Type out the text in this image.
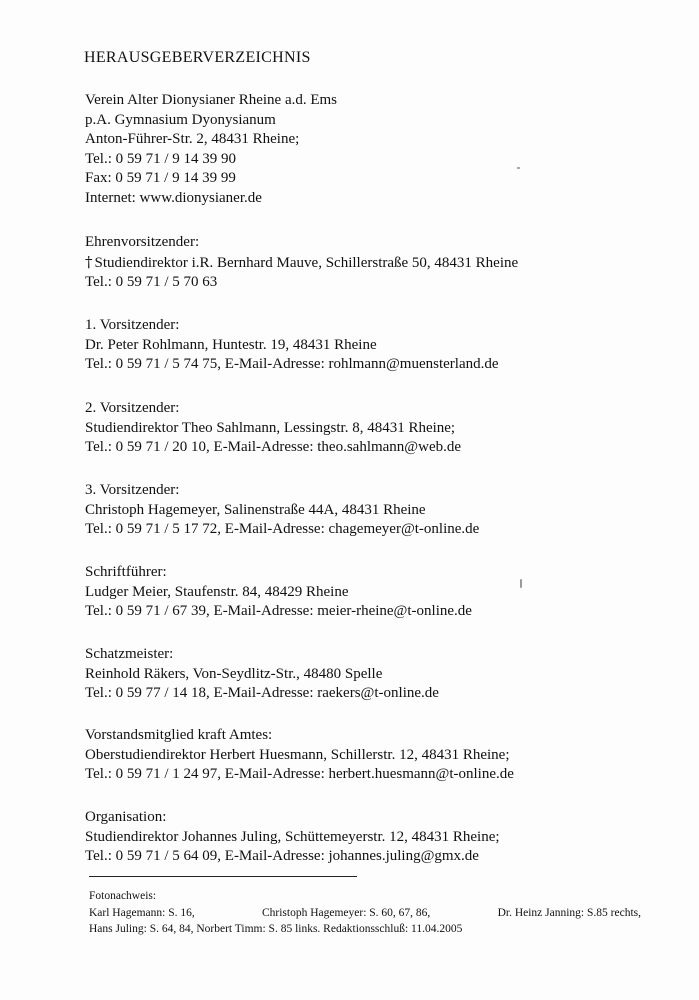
HERAUSGEBERVERZEICHNIS
Verein Alter Dionysianer Rheine a.d. Ems
p.A. Gymnasium Dyonysianum
Anton-Führer-Str. 2, 48431 Rheine;
Tel.: 0 59 71 / 9 14 39 90
Fax: 0 59 71 / 9 14 39 99
Internet: www.dionysianer.de
Ehrenvorsitzender:
† Studiendirektor i.R. Bernhard Mauve, Schillerstraße 50, 48431 Rheine
Tel.: 0 59 71 / 5 70 63
1. Vorsitzender:
Dr. Peter Rohlmann, Huntestr. 19, 48431 Rheine
Tel.: 0 59 71 / 5 74 75, E-Mail-Adresse: rohlmann@muensterland.de
2. Vorsitzender:
Studiendirektor Theo Sahlmann, Lessingstr. 8, 48431 Rheine;
Tel.: 0 59 71 / 20 10, E-Mail-Adresse: theo.sahlmann@web.de
3. Vorsitzender:
Christoph Hagemeyer, Salinenstraße 44A, 48431 Rheine
Tel.: 0 59 71 / 5 17 72, E-Mail-Adresse: chagemeyer@t-online.de
Schriftführer:
Ludger Meier, Staufenstr. 84, 48429 Rheine
Tel.: 0 59 71 / 67 39, E-Mail-Adresse: meier-rheine@t-online.de
Schatzmeister:
Reinhold Räkers, Von-Seydlitz-Str., 48480 Spelle
Tel.: 0 59 77 / 14 18, E-Mail-Adresse: raekers@t-online.de
Vorstandsmitglied kraft Amtes:
Oberstudiendirektor Herbert Huesmann, Schillerstr. 12, 48431 Rheine;
Tel.: 0 59 71 / 1 24 97, E-Mail-Adresse: herbert.huesmann@t-online.de
Organisation:
Studiendirektor Johannes Juling, Schüttemeyerstr. 12, 48431 Rheine;
Tel.: 0 59 71 / 5 64 09, E-Mail-Adresse: johannes.juling@gmx.de
Fotonachweis:
Karl Hagemann: S. 16,	Christoph Hagemeyer: S. 60, 67, 86,	Dr. Heinz Janning: S.85 rechts,
Hans Juling: S. 64, 84, Norbert Timm: S. 85 links. Redaktionsschluß: 11.04.2005
